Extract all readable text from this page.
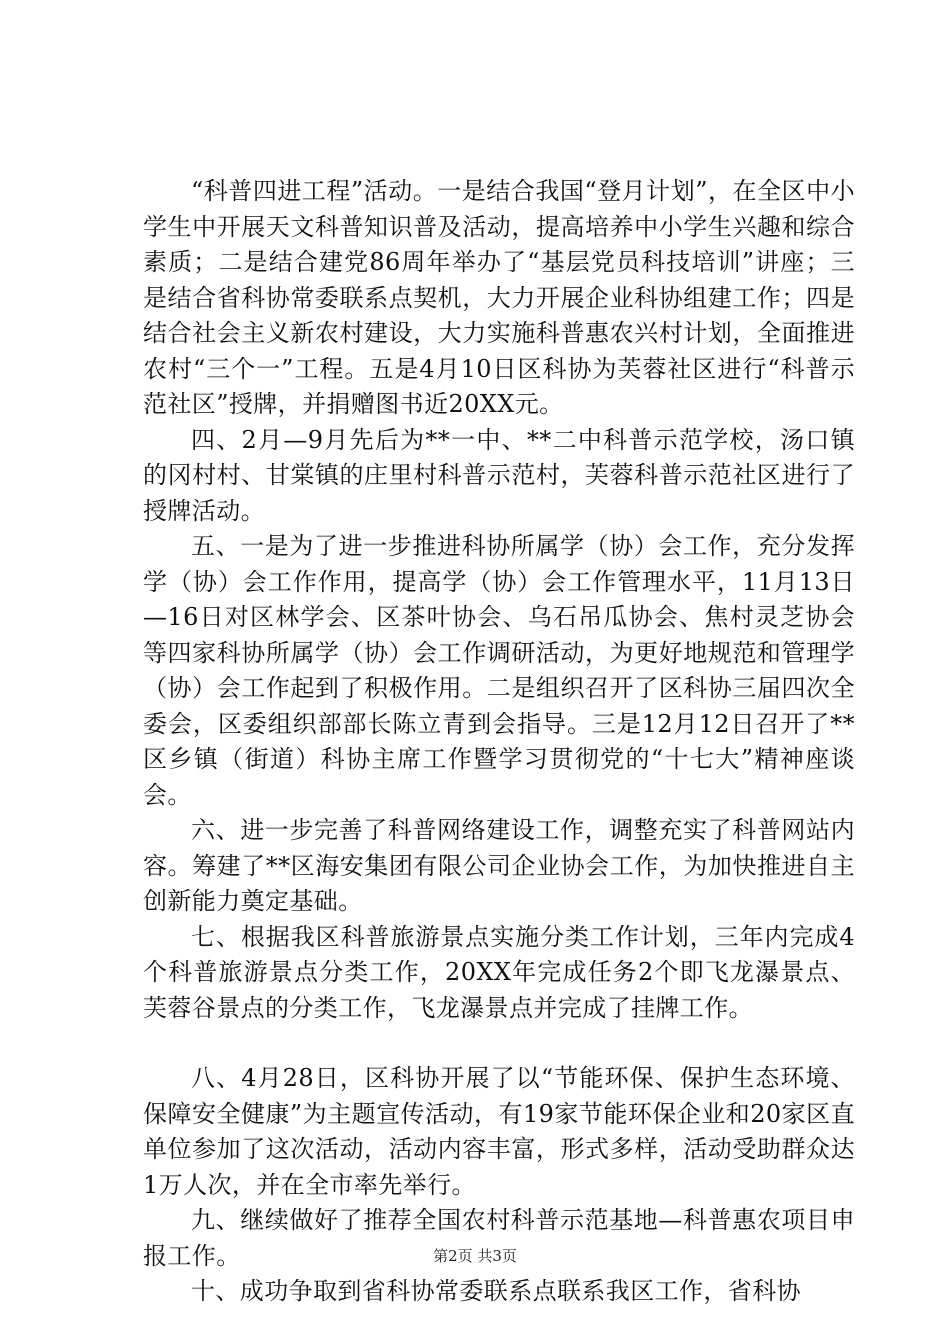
“科普四进工程”活动。一是结合我国“登月计划”，在全区中小学生中开展天文科普知识普及活动，提高培养中小学生兴趣和综合素质；二是结合建党86周年举办了“基层党员科技培训”讲座；三是结合省科协常委联系点契机，大力开展企业科协组建工作；四是结合社会主义新农村建设，大力实施科普惠农兴村计划，全面推进农村“三个一”工程。五是4月10日区科协为芙蓉社区进行“科普示范社区”授牌，并捐赠图书近20XX元。

四、2月—9月先后为**一中、**二中科普示范学校，汤口镇的冈村村、甘棠镇的庄里村科普示范村，芙蓉科普示范社区进行了授牌活动。

五、一是为了进一步推进科协所属学（协）会工作，充分发挥学（协）会工作作用，提高学（协）会工作管理水平，11月13日—16日对区林学会、区茶叶协会、乌石吊瓜协会、焦村灵芝协会等四家科协所属学（协）会工作调研活动，为更好地规范和管理学（协）会工作起到了积极作用。二是组织召开了区科协三届四次全委会，区委组织部部长陈立青到会指导。三是12月12日召开了**区乡镇（街道）科协主席工作暨学习贯彻党的“十七大”精神座谈会。

六、进一步完善了科普网络建设工作，调整充实了科普网站内容。筹建了**区海安集团有限公司企业协会工作，为加快推进自主创新能力奠定基础。

七、根据我区科普旅游景点实施分类工作计划，三年内完成4个科普旅游景点分类工作，20XX年完成任务2个即飞龙瀑景点、芙蓉谷景点的分类工作，飞龙瀑景点并完成了挂牌工作。

八、4月28日，区科协开展了以“节能环保、保护生态环境、保障安全健康”为主题宣传活动，有19家节能环保企业和20家区直单位参加了这次活动，活动内容丰富，形式多样，活动受助群众达1万人次，并在全市率先举行。

九、继续做好了推荐全国农村科普示范基地—科普惠农项目申报工作。

十、成功争取到省科协常委联系点联系我区工作，省科协

第2页 共3页
